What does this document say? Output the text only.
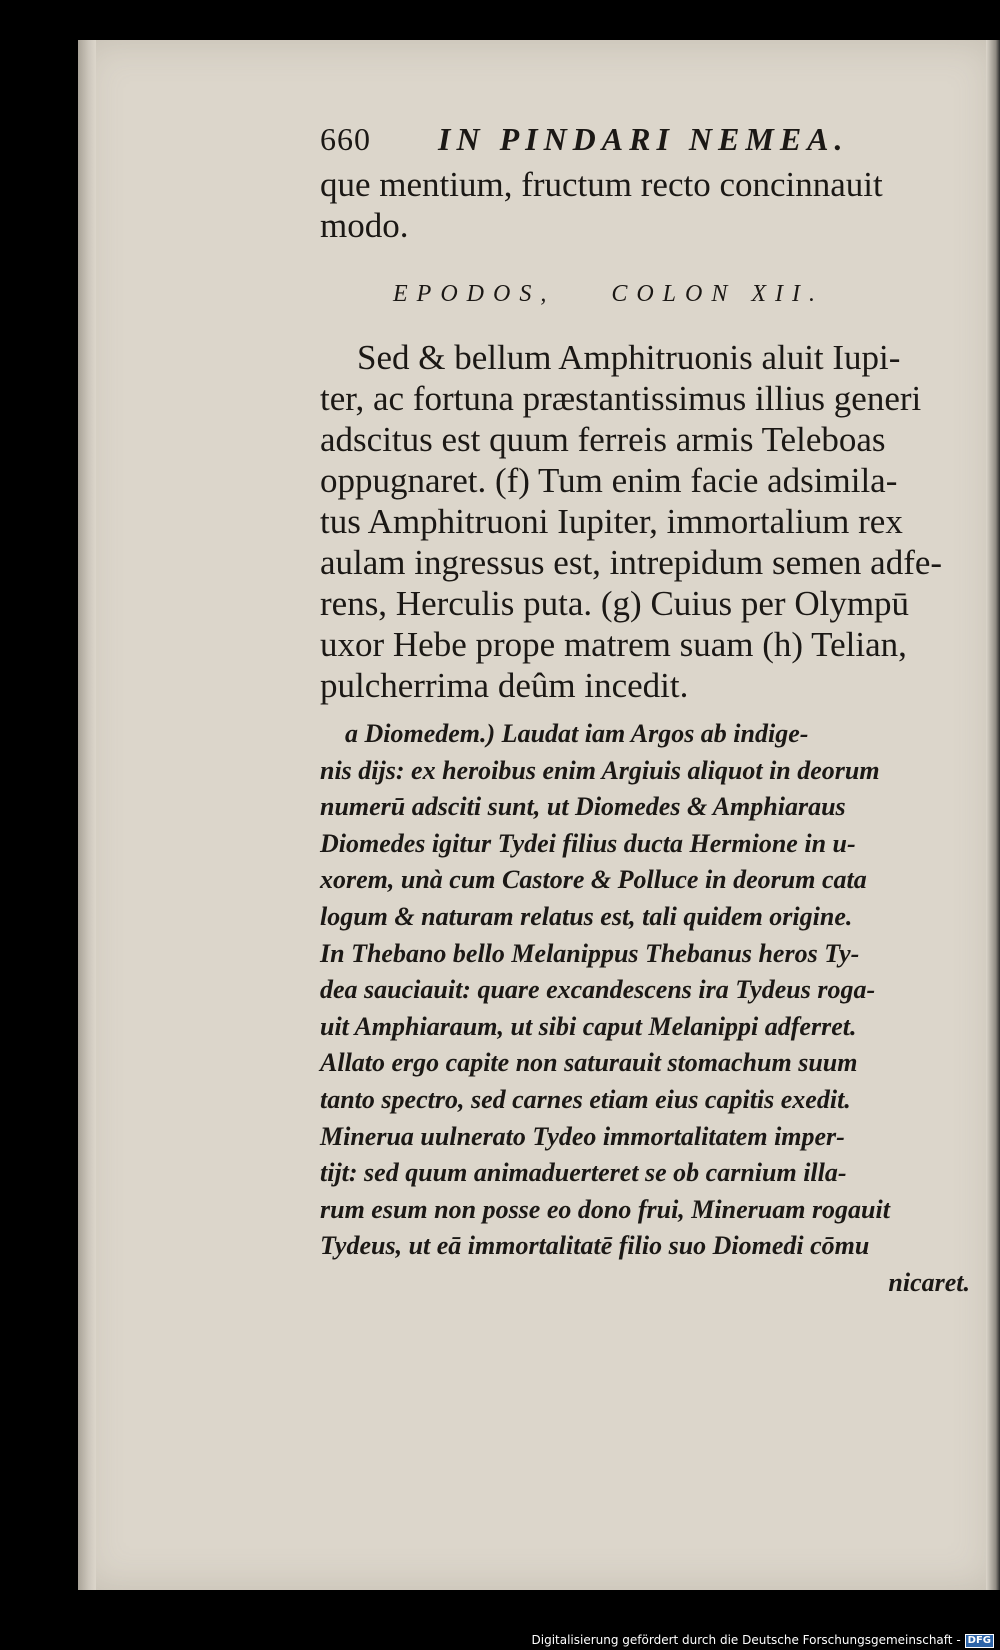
660	IN PINDARI NEMEA.
que mentium, fructum recto concinnauit
modo.
EPODOS, COLON XII.
Sed & bellum Amphitruonis aluit Iupi-
ter, ac fortuna præstantissimus illius generi
adscitus est quum ferreis armis Teleboas
oppugnaret. (f) Tum enim facie adsimila-
tus Amphitruoni Iupiter, immortalium rex
aulam ingressus est, intrepidum semen adfe-
rens, Herculis puta. (g) Cuius per Olympū
uxor Hebe prope matrem suam (h) Telian,
pulcherrima deûm incedit.
a Diomedem.) Laudat iam Argos ab indige-
nis dijs: ex heroibus enim Argiuis aliquot in deorum
numerū adsciti sunt, ut Diomedes & Amphiaraus
Diomedes igitur Tydei filius ducta Hermione in u-
xorem, unà cum Castore & Polluce in deorum cata
logum & naturam relatus est, tali quidem origine.
In Thebano bello Melanippus Thebanus heros Ty-
dea sauciauit: quare excandescens ira Tydeus roga-
uit Amphiaraum, ut sibi caput Melanippi adferret.
Allato ergo capite non saturauit stomachum suum
tanto spectro, sed carnes etiam eius capitis exedit.
Minerua uulnerato Tydeo immortalitatem imper-
tijt: sed quum animaduerteret se ob carnium illa-
rum esum non posse eo dono frui, Mineruam rogauit
Tydeus, ut eā immortalitatē filio suo Diomedi cōmu
nicaret.
Digitalisierung gefördert durch die Deutsche Forschungsgemeinschaft - DFG
